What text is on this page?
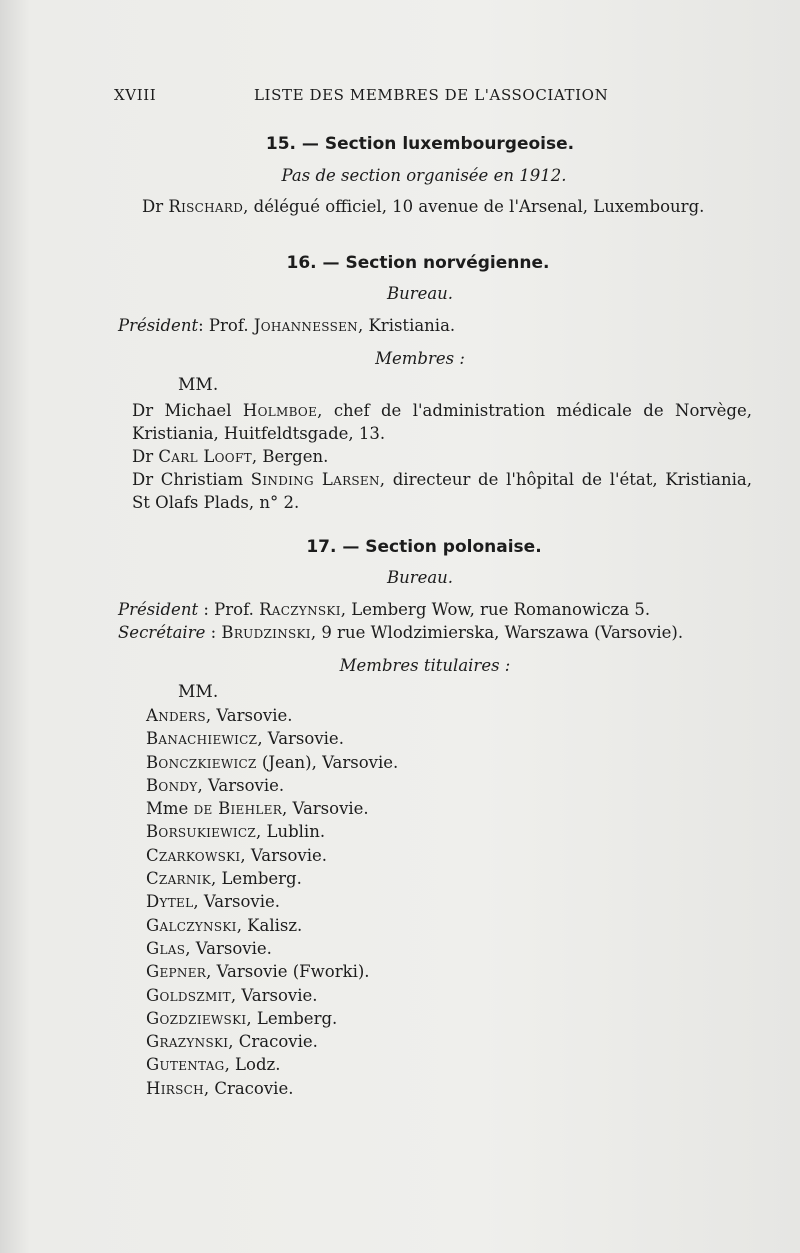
XVIII	LISTE DES MEMBRES DE L'ASSOCIATION
15. — Section luxembourgeoise.
Pas de section organisée en 1912.
Dr Rischard, délégué officiel, 10 avenue de l'Arsenal, Luxembourg.
16. — Section norvégienne.
Bureau.
Président: Prof. Johannessen, Kristiania.
Membres :
MM.
Dr Michael Holmboe, chef de l'administration médicale de Norvège, Kristiania, Huitfeldtsgade, 13.
Dr Carl Looft, Bergen.
Dr Christiam Sinding Larsen, directeur de l'hôpital de l'état, Kristiania, St Olafs Plads, n° 2.
17. — Section polonaise.
Bureau.
Président : Prof. Raczynski, Lemberg Wow, rue Romanowicza 5.
Secrétaire : Brudzinski, 9 rue Wlodzimierska, Warszawa (Varsovie).
Membres titulaires :
MM.
Anders, Varsovie.
Banachiewicz, Varsovie.
Bonczkiewicz (Jean), Varsovie.
Bondy, Varsovie.
Mme de Biehler, Varsovie.
Borsukiewicz, Lublin.
Czarkowski, Varsovie.
Czarnik, Lemberg.
Dytel, Varsovie.
Galczynski, Kalisz.
Glas, Varsovie.
Gepner, Varsovie (Fworki).
Goldszmit, Varsovie.
Gozdziewski, Lemberg.
Grazynski, Cracovie.
Gutentag, Lodz.
Hirsch, Cracovie.
